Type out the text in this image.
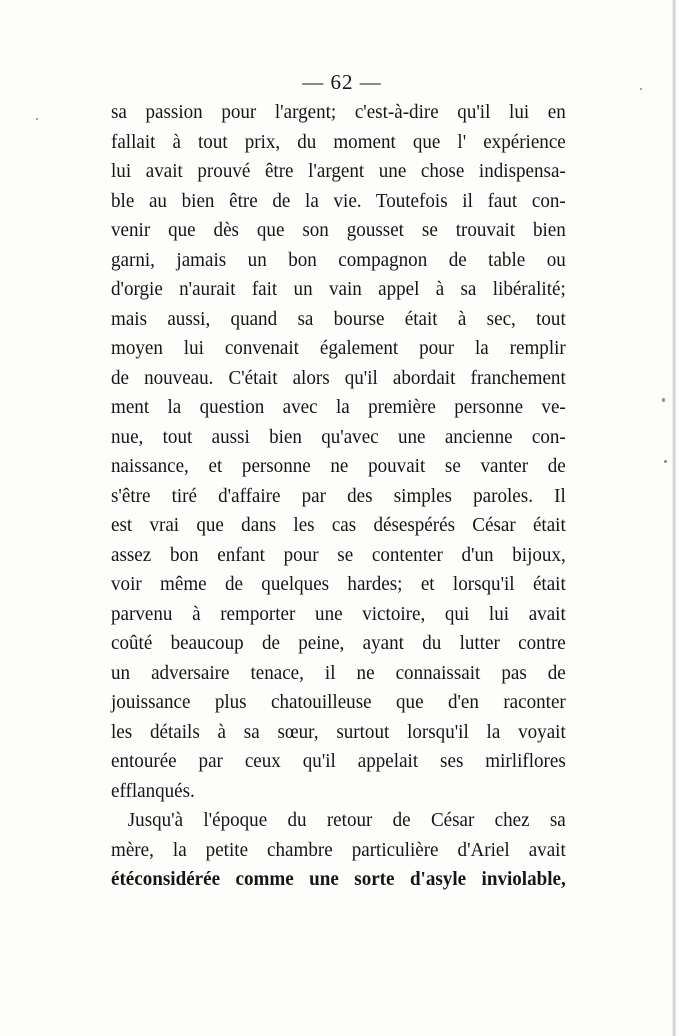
— 62 —
sa passion pour l'argent; c'est-à-dire qu'il lui en
fallait à tout prix, du moment que l' expérience
lui avait prouvé être l'argent une chose indispensa-
ble au bien être de la vie. Toutefois il faut con-
venir que dès que son gousset se trouvait bien
garni, jamais un bon compagnon de table ou
d'orgie n'aurait fait un vain appel à sa libéralité;
mais aussi, quand sa bourse était à sec, tout
moyen lui convenait également pour la remplir
de nouveau. C'était alors qu'il abordait franchement
ment la question avec la première personne ve-
nue, tout aussi bien qu'avec une ancienne con-
naissance, et personne ne pouvait se vanter de
s'être tiré d'affaire par des simples paroles. Il
est vrai que dans les cas désespérés César était
assez bon enfant pour se contenter d'un bijoux,
voir même de quelques hardes; et lorsqu'il était
parvenu à remporter une victoire, qui lui avait
coûté beaucoup de peine, ayant du lutter contre
un adversaire tenace, il ne connaissait pas de
jouissance plus chatouilleuse que d'en raconter
les détails à sa sœur, surtout lorsqu'il la voyait
entourée par ceux qu'il appelait ses mirliflores
efflanqués.
Jusqu'à l'époque du retour de César chez sa
mère, la petite chambre particulière d'Ariel avait
étéconsidérée comme une sorte d'asyle inviolable,
